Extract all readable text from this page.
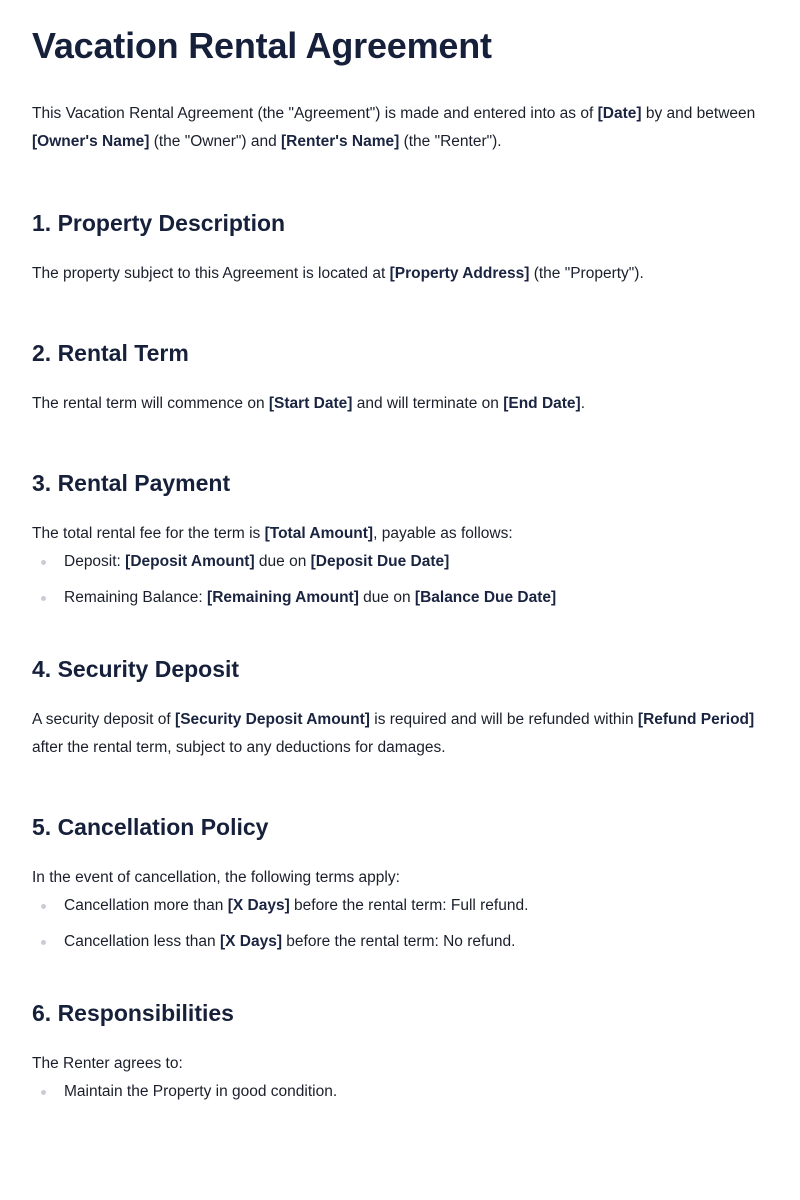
Vacation Rental Agreement

This Vacation Rental Agreement (the "Agreement") is made and entered into as of [Date] by and between [Owner's Name] (the "Owner") and [Renter's Name] (the "Renter").

1. Property Description

The property subject to this Agreement is located at [Property Address] (the "Property").

2. Rental Term

The rental term will commence on [Start Date] and will terminate on [End Date].

3. Rental Payment

The total rental fee for the term is [Total Amount], payable as follows:

Deposit: [Deposit Amount] due on [Deposit Due Date]
Remaining Balance: [Remaining Amount] due on [Balance Due Date]
4. Security Deposit

A security deposit of [Security Deposit Amount] is required and will be refunded within [Refund Period] after the rental term, subject to any deductions for damages.

5. Cancellation Policy

In the event of cancellation, the following terms apply:

Cancellation more than [X Days] before the rental term: Full refund.
Cancellation less than [X Days] before the rental term: No refund.
6. Responsibilities

The Renter agrees to:

Maintain the Property in good condition.
